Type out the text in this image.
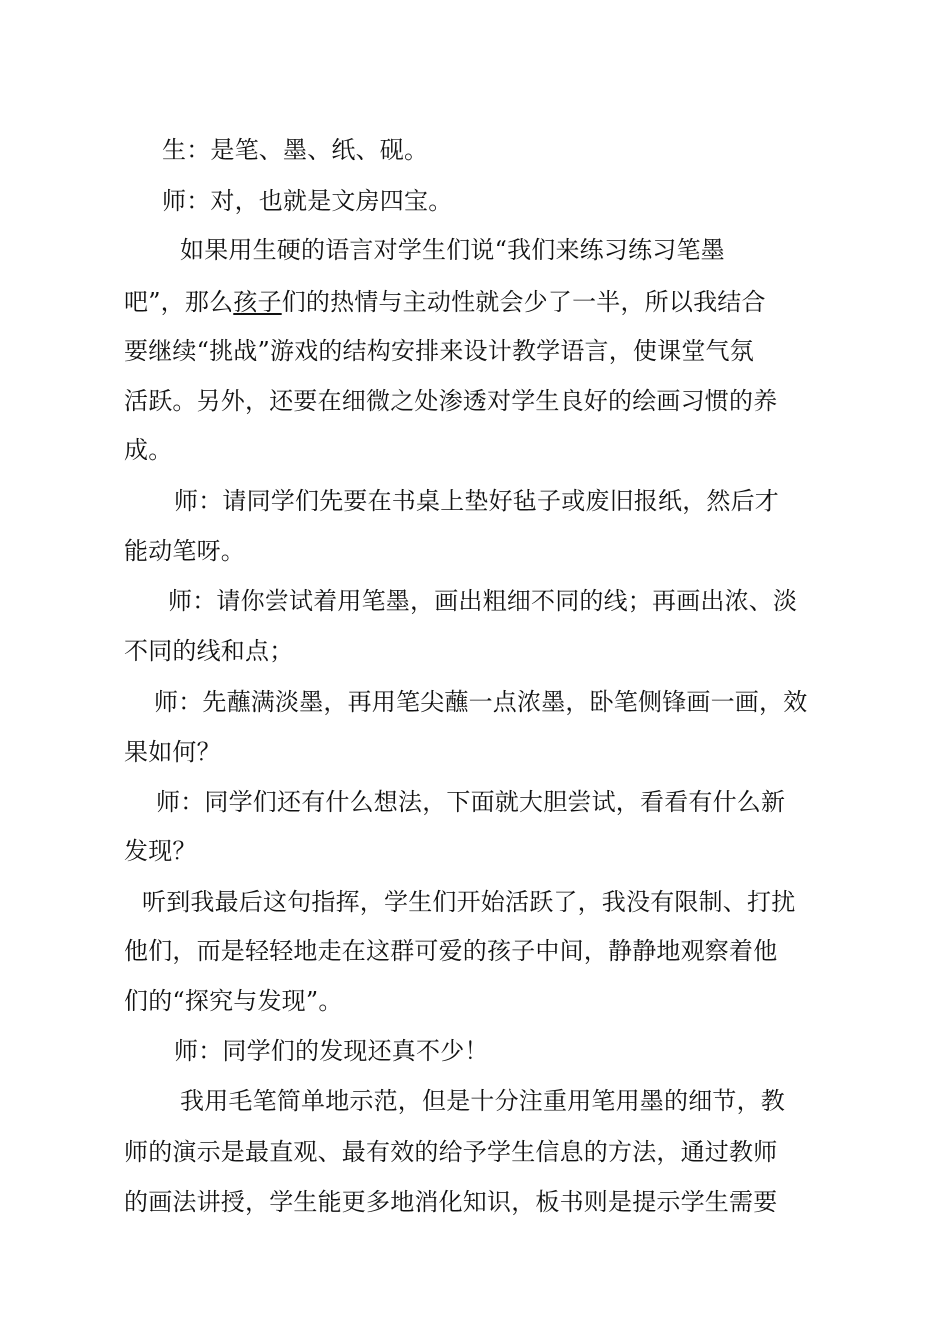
生：是笔、墨、纸、砚。
师：对，也就是文房四宝。
如果用生硬的语言对学生们说“我们来练习练习笔墨
吧”，那么孩子们的热情与主动性就会少了一半，所以我结合
要继续“挑战”游戏的结构安排来设计教学语言，使课堂气氛
活跃。另外，还要在细微之处渗透对学生良好的绘画习惯的养
成。
师：请同学们先要在书桌上垫好毡子或废旧报纸，然后才
能动笔呀。
师：请你尝试着用笔墨，画出粗细不同的线；再画出浓、淡
不同的线和点；
师：先蘸满淡墨，再用笔尖蘸一点浓墨，卧笔侧锋画一画，效
果如何？
师：同学们还有什么想法，下面就大胆尝试，看看有什么新
发现？
听到我最后这句指挥，学生们开始活跃了，我没有限制、打扰
他们，而是轻轻地走在这群可爱的孩子中间，静静地观察着他
们的“探究与发现”。
师：同学们的发现还真不少！
我用毛笔简单地示范，但是十分注重用笔用墨的细节，教
师的演示是最直观、最有效的给予学生信息的方法，通过教师
的画法讲授，学生能更多地消化知识，板书则是提示学生需要
